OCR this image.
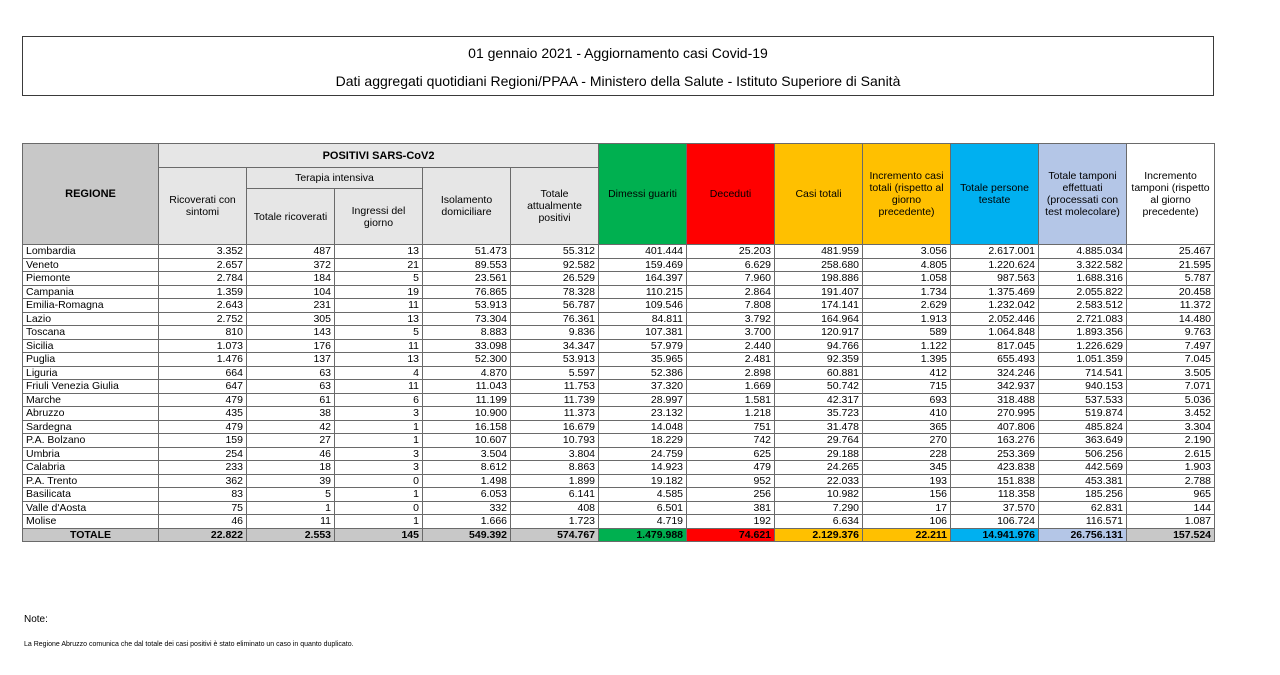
01 gennaio 2021 - Aggiornamento casi Covid-19
Dati aggregati quotidiani Regioni/PPAA - Ministero della Salute - Istituto Superiore di Sanità
REGIONE	POSITIVI SARS-CoV2					Dimessi guariti	Deceduti	Casi totali	Incremento casi totali (rispetto al giorno precedente)	Totale persone testate	Totale tamponi effettuati (processati con test molecolare)	Incremento tamponi (rispetto al giorno precedente)
	Ricoverati con sintomi	Terapia intensiva		Isolamento domiciliare	Totale attualmente positivi							
		Totale ricoverati	Ingressi del giorno									
Lombardia	3.352	487	13	51.473	55.312	401.444	25.203	481.959	3.056	2.617.001	4.885.034	25.467
Veneto	2.657	372	21	89.553	92.582	159.469	6.629	258.680	4.805	1.220.624	3.322.582	21.595
Piemonte	2.784	184	5	23.561	26.529	164.397	7.960	198.886	1.058	987.563	1.688.316	5.787
Campania	1.359	104	19	76.865	78.328	110.215	2.864	191.407	1.734	1.375.469	2.055.822	20.458
Emilia-Romagna	2.643	231	11	53.913	56.787	109.546	7.808	174.141	2.629	1.232.042	2.583.512	11.372
Lazio	2.752	305	13	73.304	76.361	84.811	3.792	164.964	1.913	2.052.446	2.721.083	14.480
Toscana	810	143	5	8.883	9.836	107.381	3.700	120.917	589	1.064.848	1.893.356	9.763
Sicilia	1.073	176	11	33.098	34.347	57.979	2.440	94.766	1.122	817.045	1.226.629	7.497
Puglia	1.476	137	13	52.300	53.913	35.965	2.481	92.359	1.395	655.493	1.051.359	7.045
Liguria	664	63	4	4.870	5.597	52.386	2.898	60.881	412	324.246	714.541	3.505
Friuli Venezia Giulia	647	63	11	11.043	11.753	37.320	1.669	50.742	715	342.937	940.153	7.071
Marche	479	61	6	11.199	11.739	28.997	1.581	42.317	693	318.488	537.533	5.036
Abruzzo	435	38	3	10.900	11.373	23.132	1.218	35.723	410	270.995	519.874	3.452
Sardegna	479	42	1	16.158	16.679	14.048	751	31.478	365	407.806	485.824	3.304
P.A. Bolzano	159	27	1	10.607	10.793	18.229	742	29.764	270	163.276	363.649	2.190
Umbria	254	46	3	3.504	3.804	24.759	625	29.188	228	253.369	506.256	2.615
Calabria	233	18	3	8.612	8.863	14.923	479	24.265	345	423.838	442.569	1.903
P.A. Trento	362	39	0	1.498	1.899	19.182	952	22.033	193	151.838	453.381	2.788
Basilicata	83	5	1	6.053	6.141	4.585	256	10.982	156	118.358	185.256	965
Valle d'Aosta	75	1	0	332	408	6.501	381	7.290	17	37.570	62.831	144
Molise	46	11	1	1.666	1.723	4.719	192	6.634	106	106.724	116.571	1.087
TOTALE	22.822	2.553	145	549.392	574.767	1.479.988	74.621	2.129.376	22.211	14.941.976	26.756.131	157.524
Note:
La Regione Abruzzo comunica che dal totale dei casi positivi è stato eliminato un caso in quanto duplicato.
